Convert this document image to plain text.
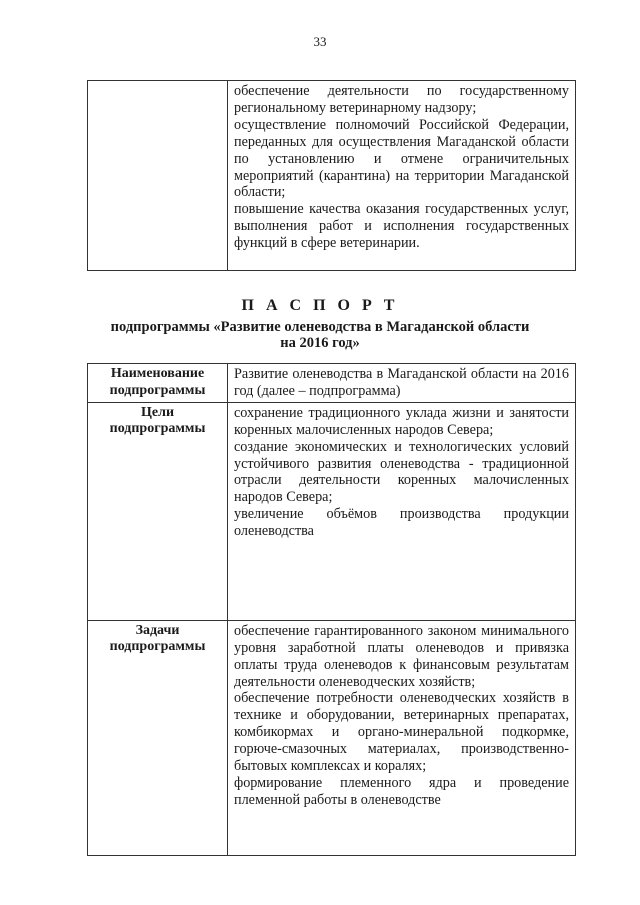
33

обеспечение деятельности по государственному региональному ветеринарному надзору;

осуществление полномочий Российской Федерации, переданных для осуществления Магаданской области по установлению и отмене ограничительных мероприятий (карантина) на территории Магаданской области;

повышение качества оказания государственных услуг, выполнения работ и исполнения государственных функций в сфере ветеринарии.

П А С П О Р Т
подпрограммы «Развитие оленеводства в Магаданской области
на 2016 год»
Наименование подпрограммы	Развитие оленеводства в Магаданской области на 2016 год (далее – подпрограмма)

Цели подпрограммы	сохранение традиционного уклада жизни и занятости коренных малочисленных народов Севера;

создание экономических и технологических условий устойчивого развития оленеводства - традиционной отрасли деятельности коренных малочисленных народов Севера;

увеличение объёмов производства продукции оленеводства

Задачи подпрограммы	обеспечение гарантированного законом минимального уровня заработной платы оленеводов и привязка оплаты труда оленеводов к финансовым результатам деятельности оленеводческих хозяйств;

обеспечение потребности оленеводческих хозяйств в технике и оборудовании, ветеринарных препаратах, комбикормах и органо-минеральной подкормке, горюче-смазочных материалах, производственно-бытовых комплексах и коралях;

формирование племенного ядра и проведение племенной работы в оленеводстве
